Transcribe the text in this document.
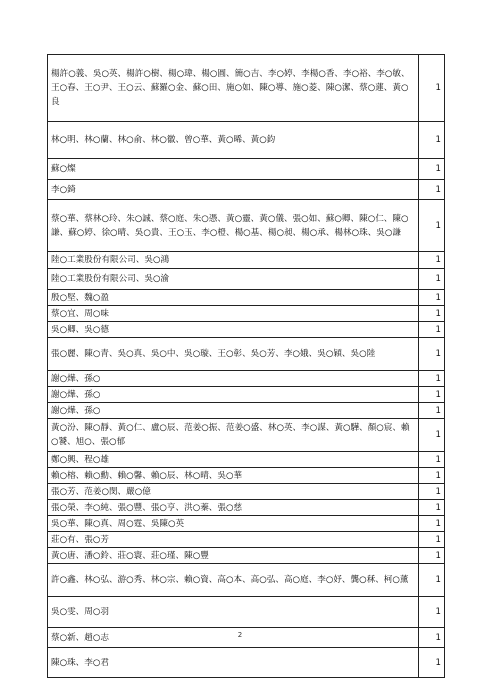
楊許○義、吳○英、楊許○樹、楊○瑋、楊○圓、簡○吉、李○婷、李楊○香、李○裕、李○敏、王○春、王○尹、王○云、蘇羅○金、蘇○田、施○如、陳○導、施○菱、陳○潔、蔡○蓮、黃○良	1
林○明、林○蘭、林○俞、林○徽、曾○華、黃○晞、黃○鈞	1
蘇○燦	1
李○錡	1
蔡○華、蔡林○玲、朱○誠、蔡○庭、朱○憑、黃○靈、黃○儀、張○如、蘇○卿、陳○仁、陳○謙、蘇○婷、徐○晴、吳○貴、王○玉、李○橙、楊○基、楊○昶、楊○承、楊林○珠、吳○謙	1
陸○工業股份有限公司、吳○鴻	1
陸○工業股份有限公司、吳○渝	1
殷○堅、魏○盈	1
蔡○宜、周○味	1
吳○卿、吳○德	1
張○麗、陳○青、吳○真、吳○中、吳○璇、王○彰、吳○芳、李○娥、吳○穎、吳○陸	1
謝○燁、孫○	1
謝○燁、孫○	1
謝○燁、孫○	1
黃○汾、陳○靜、黃○仁、盧○辰、范姜○振、范姜○盛、林○英、李○謀、黃○驊、顏○宸、賴○饕、旭○、張○郁	1
鄭○興、程○雄	1
賴○榕、賴○勳、賴○馨、賴○辰、林○晴、吳○華	1
張○芳、范姜○閔、嚴○億	1
張○榮、李○純、張○豐、張○亨、洪○蓁、張○慈	1
吳○華、陳○真、周○霆、吳陳○英	1
莊○有、張○芳	1
黃○唐、潘○鈴、莊○寰、莊○瑾、陳○豐	1
許○鑫、林○弘、游○秀、林○宗、賴○資、高○本、高○弘、高○庭、李○妤、龔○秝、柯○薰	1
吳○雯、周○羽	1
蔡○新、趙○志	1
陳○珠、李○君	1
2
